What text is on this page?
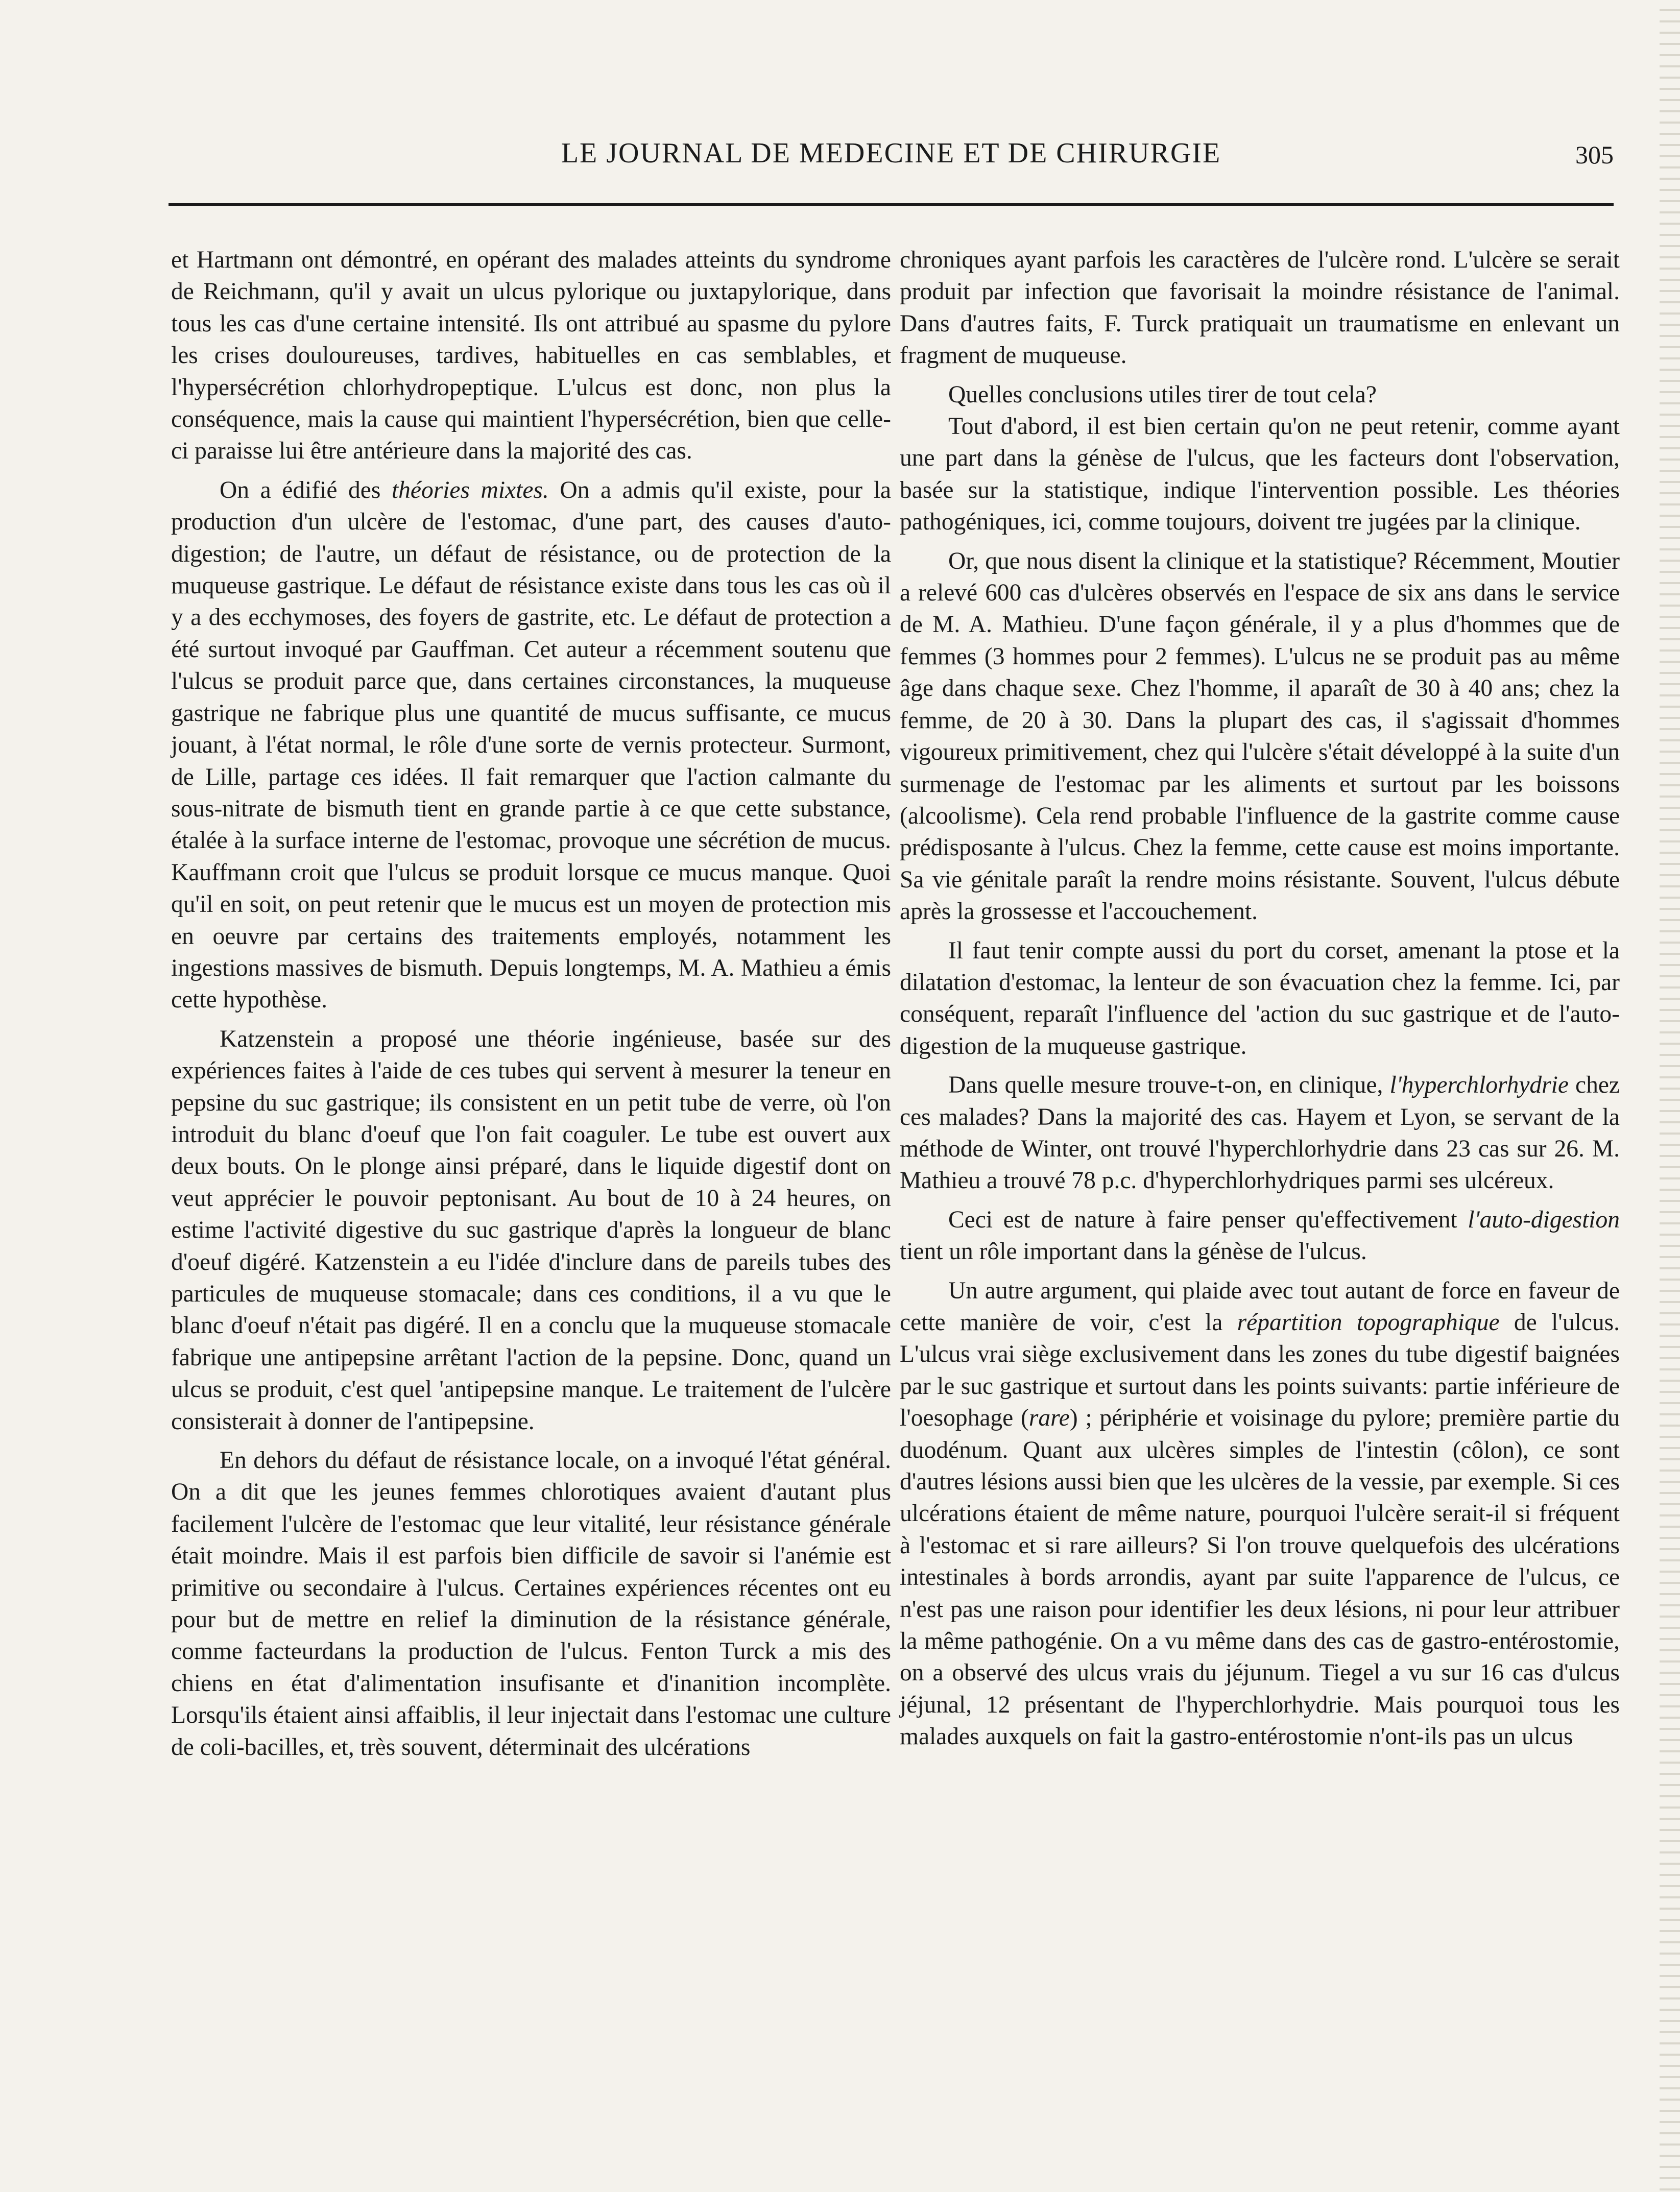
LE JOURNAL DE MEDECINE ET DE CHIRURGIE	305

et Hartmann ont démontré, en opérant des malades atteints du syndrome de Reichmann, qu'il y avait un ulcus pylorique ou juxtapylorique, dans tous les cas d'une certaine intensité. Ils ont attribué au spasme du pylore les crises douloureuses, tardives, habituelles en cas semblables, et l'hypersécrétion chlorhydropeptique. L'ulcus est donc, non plus la conséquence, mais la cause qui maintient l'hypersécrétion, bien que celle-ci paraisse lui être antérieure dans la majorité des cas.

On a édifié des théories mixtes. On a admis qu'il existe, pour la production d'un ulcère de l'estomac, d'une part, des causes d'auto-digestion; de l'autre, un défaut de résistance, ou de protection de la muqueuse gastrique. Le défaut de résistance existe dans tous les cas où il y a des ecchymoses, des foyers de gastrite, etc. Le défaut de protection a été surtout invoqué par Gauffman. Cet auteur a récemment soutenu que l'ulcus se produit parce que, dans certaines circonstances, la muqueuse gastrique ne fabrique plus une quantité de mucus suffisante, ce mucus jouant, à l'état normal, le rôle d'une sorte de vernis protecteur. Surmont, de Lille, partage ces idées. Il fait remarquer que l'action calmante du sous-nitrate de bismuth tient en grande partie à ce que cette substance, étalée à la surface interne de l'estomac, provoque une sécrétion de mucus. Kauffmann croit que l'ulcus se produit lorsque ce mucus manque. Quoi qu'il en soit, on peut retenir que le mucus est un moyen de protection mis en oeuvre par certains des traitements employés, notamment les ingestions massives de bismuth. Depuis longtemps, M. A. Mathieu a émis cette hypothèse.

Katzenstein a proposé une théorie ingénieuse, basée sur des expériences faites à l'aide de ces tubes qui servent à mesurer la teneur en pepsine du suc gastrique; ils consistent en un petit tube de verre, où l'on introduit du blanc d'oeuf que l'on fait coaguler. Le tube est ouvert aux deux bouts. On le plonge ainsi préparé, dans le liquide digestif dont on veut apprécier le pouvoir peptonisant. Au bout de 10 à 24 heures, on estime l'activité digestive du suc gastrique d'après la longueur de blanc d'oeuf digéré. Katzenstein a eu l'idée d'inclure dans de pareils tubes des particules de muqueuse stomacale; dans ces conditions, il a vu que le blanc d'oeuf n'était pas digéré. Il en a conclu que la muqueuse stomacale fabrique une antipepsine arrêtant l'action de la pepsine. Donc, quand un ulcus se produit, c'est quel 'antipepsine manque. Le traitement de l'ulcère consisterait à donner de l'antipepsine.

En dehors du défaut de résistance locale, on a invoqué l'état général. On a dit que les jeunes femmes chlorotiques avaient d'autant plus facilement l'ulcère de l'estomac que leur vitalité, leur résistance générale était moindre. Mais il est parfois bien difficile de savoir si l'anémie est primitive ou secondaire à l'ulcus. Certaines expériences récentes ont eu pour but de mettre en relief la diminution de la résistance générale, comme facteurdans la production de l'ulcus. Fenton Turck a mis des chiens en état d'alimentation insufisante et d'inanition incomplète. Lorsqu'ils étaient ainsi affaiblis, il leur injectait dans l'estomac une culture de coli-bacilles, et, très souvent, déterminait des ulcérations

chroniques ayant parfois les caractères de l'ulcère rond. L'ulcère se serait produit par infection que favorisait la moindre résistance de l'animal. Dans d'autres faits, F. Turck pratiquait un traumatisme en enlevant un fragment de muqueuse.

Quelles conclusions utiles tirer de tout cela?

Tout d'abord, il est bien certain qu'on ne peut retenir, comme ayant une part dans la génèse de l'ulcus, que les facteurs dont l'observation, basée sur la statistique, indique l'intervention possible. Les théories pathogéniques, ici, comme toujours, doivent tre jugées par la clinique.

Or, que nous disent la clinique et la statistique? Récemment, Moutier a relevé 600 cas d'ulcères observés en l'espace de six ans dans le service de M. A. Mathieu. D'une façon générale, il y a plus d'hommes que de femmes (3 hommes pour 2 femmes). L'ulcus ne se produit pas au même âge dans chaque sexe. Chez l'homme, il aparaît de 30 à 40 ans; chez la femme, de 20 à 30. Dans la plupart des cas, il s'agissait d'hommes vigoureux primitivement, chez qui l'ulcère s'était développé à la suite d'un surmenage de l'estomac par les aliments et surtout par les boissons (alcoolisme). Cela rend probable l'influence de la gastrite comme cause prédisposante à l'ulcus. Chez la femme, cette cause est moins importante. Sa vie génitale paraît la rendre moins résistante. Souvent, l'ulcus débute après la grossesse et l'accouchement.

Il faut tenir compte aussi du port du corset, amenant la ptose et la dilatation d'estomac, la lenteur de son évacuation chez la femme. Ici, par conséquent, reparaît l'influence del 'action du suc gastrique et de l'auto-digestion de la muqueuse gastrique.

Dans quelle mesure trouve-t-on, en clinique, l'hyperchlorhydrie chez ces malades? Dans la majorité des cas. Hayem et Lyon, se servant de la méthode de Winter, ont trouvé l'hyperchlorhydrie dans 23 cas sur 26. M. Mathieu a trouvé 78 p.c. d'hyperchlorhydriques parmi ses ulcéreux.

Ceci est de nature à faire penser qu'effectivement l'auto-digestion tient un rôle important dans la génèse de l'ulcus.

Un autre argument, qui plaide avec tout autant de force en faveur de cette manière de voir, c'est la répartition topographique de l'ulcus. L'ulcus vrai siège exclusivement dans les zones du tube digestif baignées par le suc gastrique et surtout dans les points suivants: partie inférieure de l'oesophage (rare) ; périphérie et voisinage du pylore; première partie du duodénum. Quant aux ulcères simples de l'intestin (côlon), ce sont d'autres lésions aussi bien que les ulcères de la vessie, par exemple. Si ces ulcérations étaient de même nature, pourquoi l'ulcère serait-il si fréquent à l'estomac et si rare ailleurs? Si l'on trouve quelquefois des ulcérations intestinales à bords arrondis, ayant par suite l'apparence de l'ulcus, ce n'est pas une raison pour identifier les deux lésions, ni pour leur attribuer la même pathogénie. On a vu même dans des cas de gastro-entérostomie, on a observé des ulcus vrais du jéjunum. Tiegel a vu sur 16 cas d'ulcus jéjunal, 12 présentant de l'hyperchlorhydrie. Mais pourquoi tous les malades auxquels on fait la gastro-entérostomie n'ont-ils pas un ulcus
